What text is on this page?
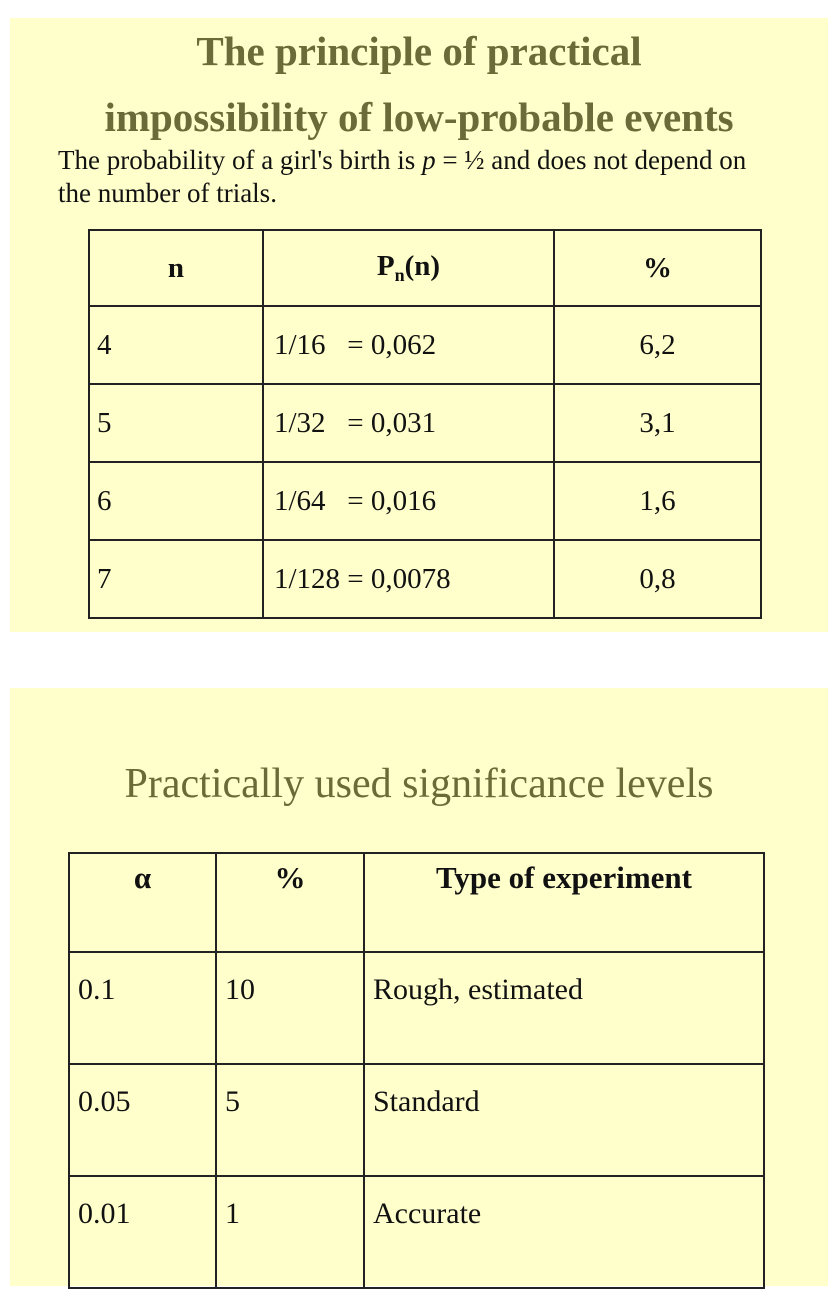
The principle of practical
impossibility of low-probable events

The probability of a girl's birth is p = ½ and does not depend on the number of trials.

n	$P_n(n)$	%
4	1/16   = 0,062	6,2
5	1/32   = 0,031	3,1
6	1/64   = 0,016	1,6
7	1/128 = 0,0078	0,8
Practically used significance levels
α	%	Type of experiment
0.1	10	Rough, estimated
0.05	5	Standard
0.01	1	Accurate
